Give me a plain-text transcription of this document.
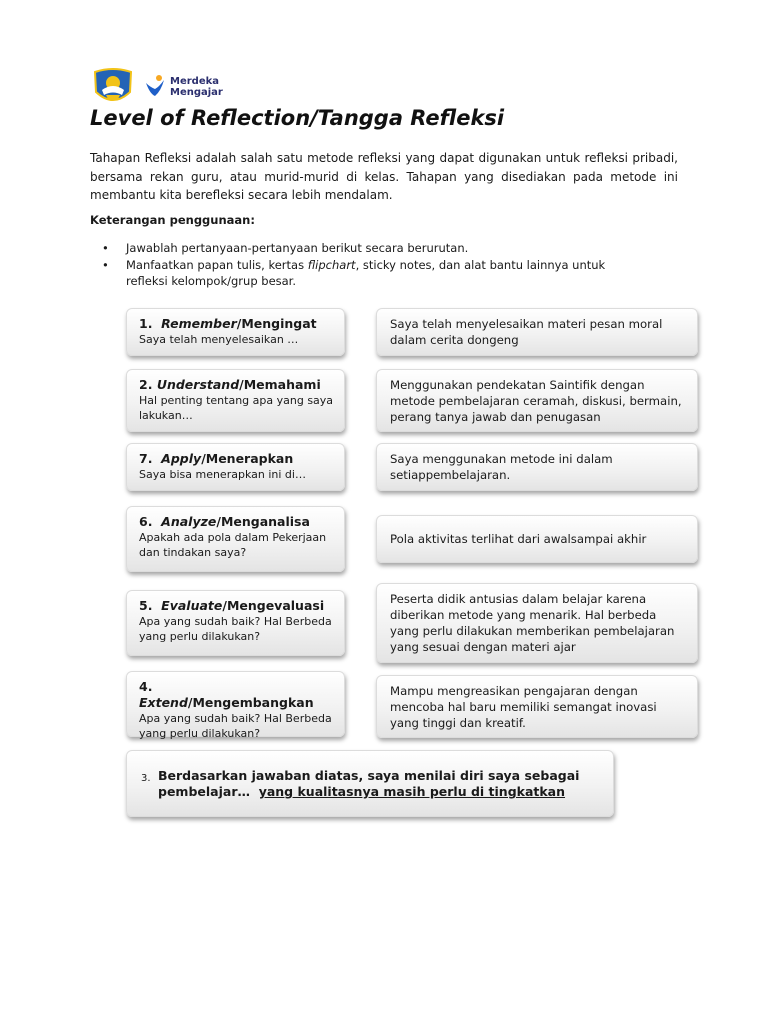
Merdeka
Mengajar
Level of Reflection/Tangga Refleksi

Tahapan Refleksi adalah salah satu metode refleksi yang dapat digunakan untuk refleksi pribadi, bersama rekan guru, atau murid-murid di kelas. Tahapan yang disediakan pada metode ini membantu kita berefleksi secara lebih mendalam.

Keterangan penggunaan:

• Jawablah pertanyaan-pertanyaan berikut secara berurutan.
• Manfaatkan papan tulis, kertas flipchart, sticky notes, dan alat bantu lainnya untuk refleksi kelompok/grup besar.

1. Remember/Mengingat

Saya telah menyelesaikan …

Saya telah menyelesaikan materi pesan moral dalam cerita dongeng

2. Understand/Memahami

Hal penting tentang apa yang saya lakukan…

Menggunakan pendekatan Saintifik dengan metode pembelajaran ceramah, diskusi, bermain, perang tanya jawab dan penugasan

7. Apply/Menerapkan

Saya bisa menerapkan ini di…

Saya menggunakan metode ini dalam setiappembelajaran.

6. Analyze/Menganalisa

Apakah ada pola dalam Pekerjaan dan tindakan saya?

Pola aktivitas terlihat dari awalsampai akhir

5. Evaluate/Mengevaluasi

Apa yang sudah baik? Hal Berbeda yang perlu dilakukan?

Peserta didik antusias dalam belajar karena diberikan metode yang menarik. Hal berbeda yang perlu dilakukan memberikan pembelajaran yang sesuai dengan materi ajar

4.  Extend/Mengembangkan

Apa yang sudah baik? Hal Berbeda yang perlu dilakukan?

Mampu mengreasikan pengajaran dengan mencoba hal baru memiliki semangat inovasi yang tinggi dan kreatif.

3. Berdasarkan jawaban diatas, saya menilai diri saya sebagai pembelajar… yang kualitasnya masih perlu di tingkatkan
